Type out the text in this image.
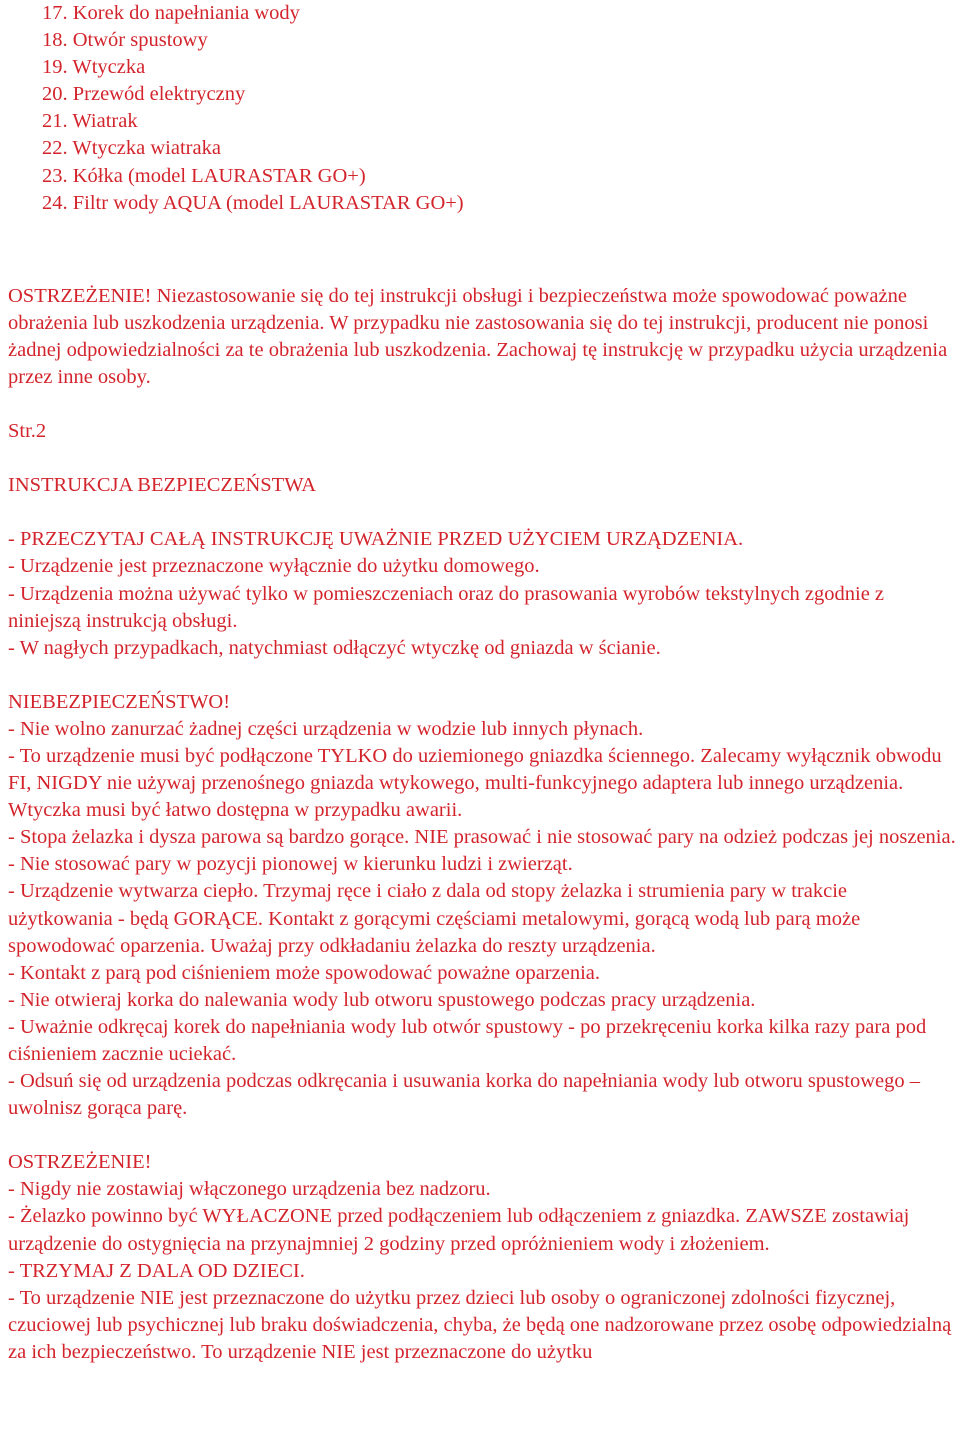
17. Korek do napełniania wody
18. Otwór spustowy
19. Wtyczka
20. Przewód elektryczny
21. Wiatrak
22. Wtyczka wiatraka
23. Kółka (model LAURASTAR GO+)
24. Filtr wody AQUA (model LAURASTAR GO+)

OSTRZEŻENIE! Niezastosowanie się do tej instrukcji obsługi i bezpieczeństwa może spowodować poważne obrażenia lub uszkodzenia urządzenia. W przypadku nie zastosowania się do tej instrukcji, producent nie ponosi żadnej odpowiedzialności za te obrażenia lub uszkodzenia. Zachowaj tę instrukcję w przypadku użycia urządzenia przez inne osoby.

Str.2

INSTRUKCJA BEZPIECZEŃSTWA

- PRZECZYTAJ CAŁĄ INSTRUKCJĘ UWAŻNIE PRZED UŻYCIEM URZĄDZENIA.

- Urządzenie jest przeznaczone wyłącznie do użytku domowego.

- Urządzenia można używać tylko w pomieszczeniach oraz do prasowania wyrobów tekstylnych zgodnie z niniejszą instrukcją obsługi.

- W nagłych przypadkach, natychmiast odłączyć wtyczkę od gniazda w ścianie.

NIEBEZPIECZEŃSTWO!

- Nie wolno zanurzać żadnej części urządzenia w wodzie lub innych płynach.

- To urządzenie musi być podłączone TYLKO do uziemionego gniazdka ściennego. Zalecamy wyłącznik obwodu FI, NIGDY nie używaj przenośnego gniazda wtykowego, multi-funkcyjnego adaptera lub innego urządzenia. Wtyczka musi być łatwo dostępna w przypadku awarii.

- Stopa żelazka i dysza parowa są bardzo gorące. NIE prasować i nie stosować pary na odzież podczas jej noszenia.

- Nie stosować pary w pozycji pionowej w kierunku ludzi i zwierząt.

- Urządzenie wytwarza ciepło. Trzymaj ręce i ciało z dala od stopy żelazka i strumienia pary w trakcie użytkowania - będą GORĄCE. Kontakt z gorącymi częściami metalowymi, gorącą wodą lub parą może spowodować oparzenia. Uważaj przy odkładaniu żelazka do reszty urządzenia.

- Kontakt z parą pod ciśnieniem może spowodować poważne oparzenia.

- Nie otwieraj korka do nalewania wody lub otworu spustowego podczas pracy urządzenia.

- Uważnie odkręcaj korek do napełniania wody lub otwór spustowy - po przekręceniu korka kilka razy para pod ciśnieniem zacznie uciekać.

- Odsuń się od urządzenia podczas odkręcania i usuwania korka do napełniania wody lub otworu spustowego – uwolnisz gorąca parę.

OSTRZEŻENIE!

- Nigdy nie zostawiaj włączonego urządzenia bez nadzoru.

- Żelazko powinno być WYŁACZONE przed podłączeniem lub odłączeniem z gniazdka. ZAWSZE zostawiaj urządzenie do ostygnięcia na przynajmniej 2 godziny przed opróżnieniem wody i złożeniem.

- TRZYMAJ Z DALA OD DZIECI.

- To urządzenie NIE jest przeznaczone do użytku przez dzieci lub osoby o ograniczonej zdolności fizycznej, czuciowej lub psychicznej lub braku doświadczenia, chyba, że będą one nadzorowane przez osobę odpowiedzialną za ich bezpieczeństwo. To urządzenie NIE jest przeznaczone do użytku
